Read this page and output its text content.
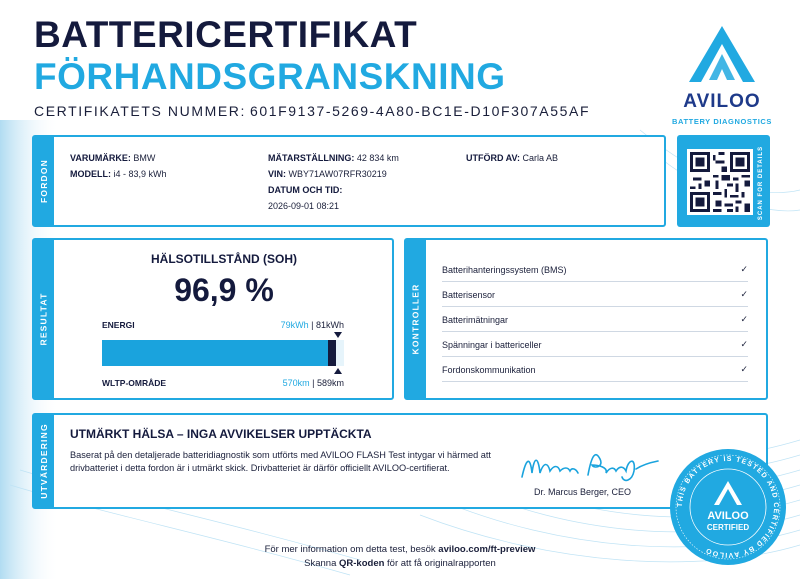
BATTERICERTIFIKAT
FÖRHANDSGRANSKNING
CERTIFIKATETS NUMMER: 601F9137-5269-4A80-BC1E-D10F307A55AF	AVILOO
BATTERY DIAGNOSTICS
FORDON
VARUMÄRKE: BMW
MODELL: i4 - 83,9 kWh
MÄTARSTÄLLNING: 42 834 km
VIN: WBY71AW07RFR30219
DATUM OCH TID:
2026-09-01 08:21
UTFÖRD AV: Carla AB	SCAN FOR DETAILS
RESULTAT
HÄLSOTILLSTÅND (SOH)
96,9 %
ENERGI	79kWh | 81kWh
WLTP-OMRÅDE	570km | 589km
KONTROLLER
Batterihanteringssystem (BMS)	✓
Batterisensor	✓
Batterimätningar	✓
Spänningar i battericeller	✓
Fordonskommunikation	✓
UTVÄRDERING UTMÄRKT HÄLSA – INGA AVVIKELSER UPPTÄCKTA
Baserat på den detaljerade batteridiagnostik som utförts med AVILOO FLASH Test intygar vi härmed att drivbatteriet i detta fordon är i utmärkt skick. Drivbatteriet är därför officiellt AVILOO-certifierat.
Dr. Marcus Berger, CEO
THIS BATTERY IS TESTED AND CERTIFIED BY AVILOO
AVILOO
CERTIFIED
För mer information om detta test, besök aviloo.com/ft-preview
Skanna QR-koden för att få originalrapporten
